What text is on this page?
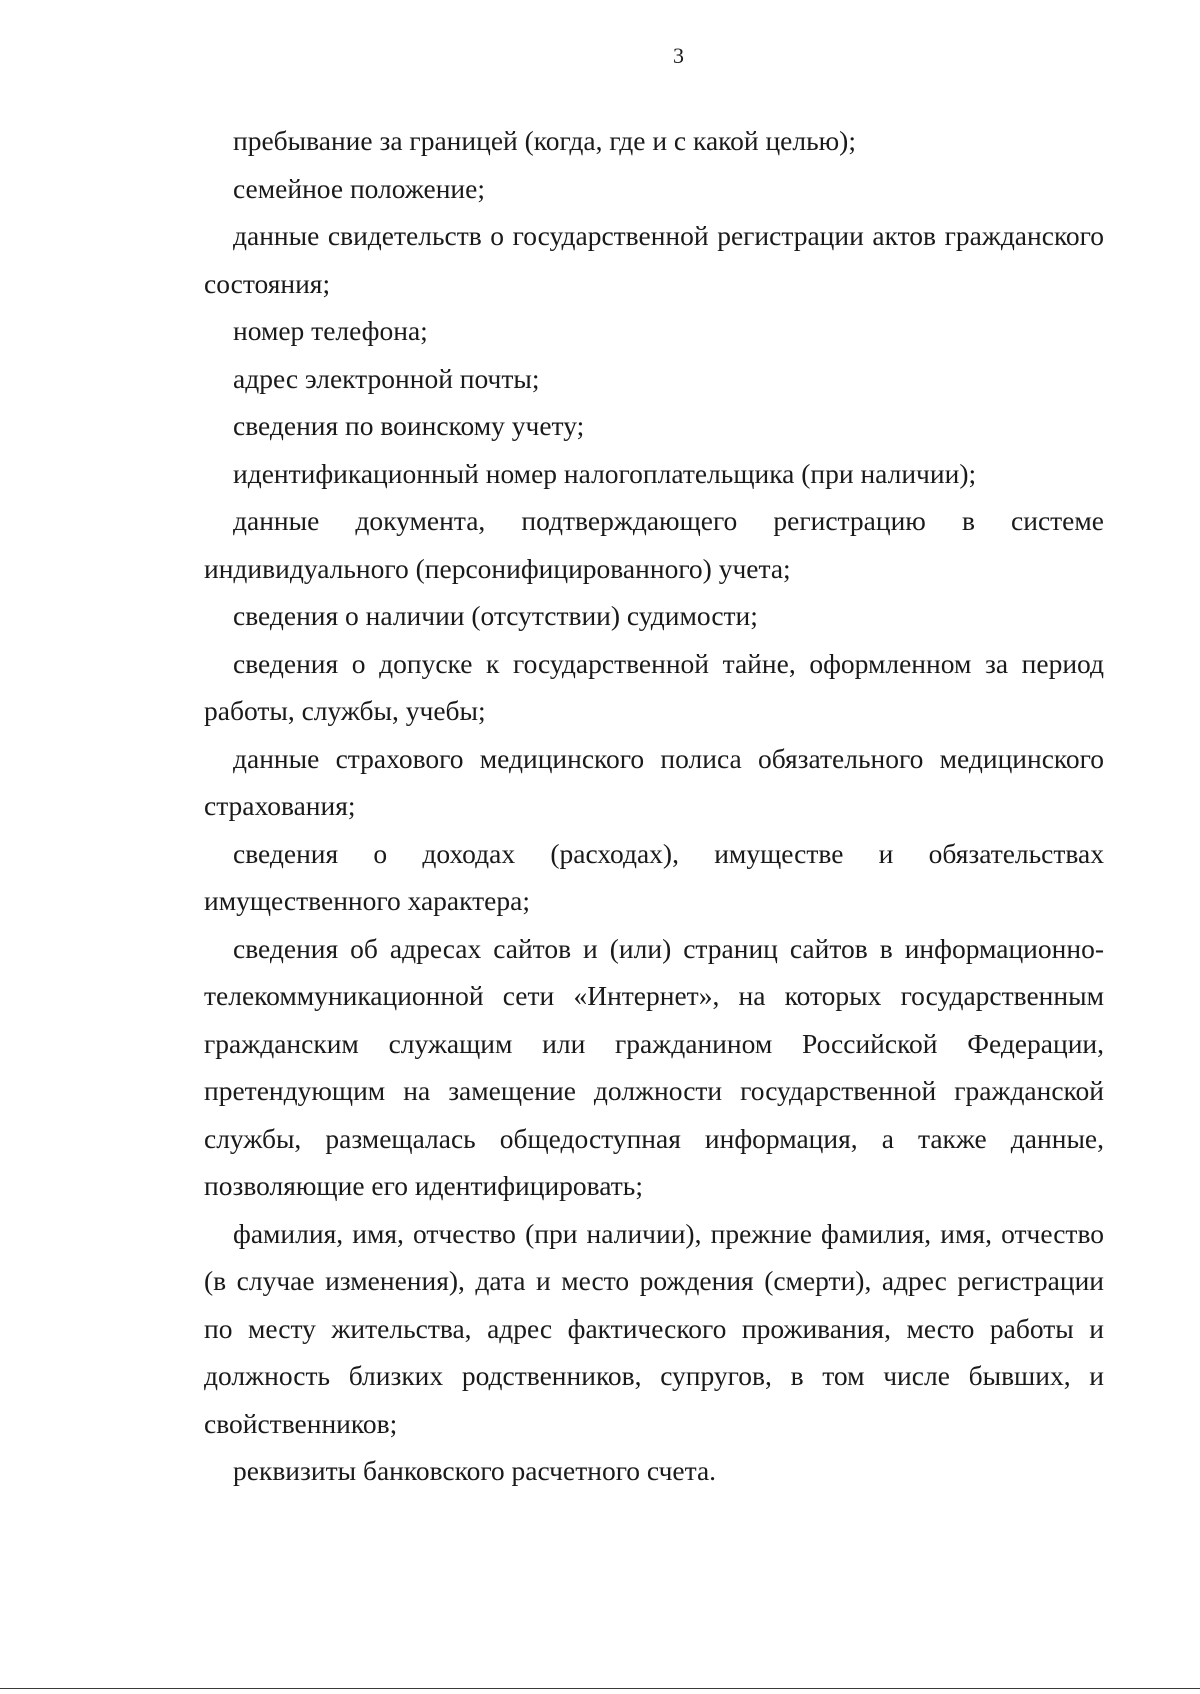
3

пребывание за границей (когда, где и с какой целью);

семейное положение;

данные свидетельств о государственной регистрации актов гражданского состояния;

номер телефона;

адрес электронной почты;

сведения по воинскому учету;

идентификационный номер налогоплательщика (при наличии);

данные документа, подтверждающего регистрацию в системе индивидуального (персонифицированного) учета;

сведения о наличии (отсутствии) судимости;

сведения о допуске к государственной тайне, оформленном за период работы, службы, учебы;

данные страхового медицинского полиса обязательного медицинского страхования;

сведения о доходах (расходах), имуществе и обязательствах имущественного характера;

сведения об адресах сайтов и (или) страниц сайтов в информационно-телекоммуникационной сети «Интернет», на которых государственным гражданским служащим или гражданином Российской Федерации, претендующим на замещение должности государственной гражданской службы, размещалась общедоступная информация, а также данные, позволяющие его идентифицировать;

фамилия, имя, отчество (при наличии), прежние фамилия, имя, отчество (в случае изменения), дата и место рождения (смерти), адрес регистрации по месту жительства, адрес фактического проживания, место работы и должность близких родственников, супругов, в том числе бывших, и свойственников;

реквизиты банковского расчетного счета.
